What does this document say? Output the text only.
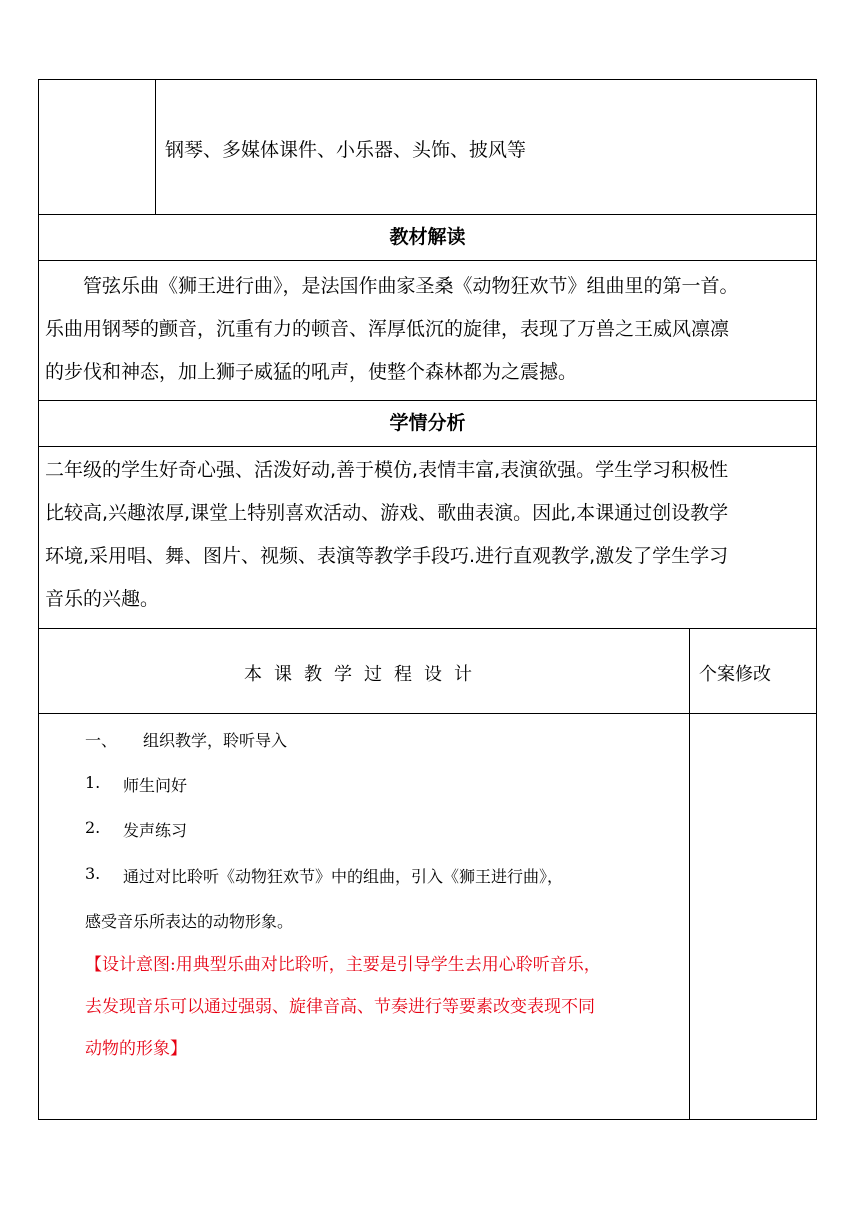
钢琴、多媒体课件、小乐器、头饰、披风等
教材解读
管弦乐曲《狮王进行曲》，是法国作曲家圣桑《动物狂欢节》组曲里的第一首。
乐曲用钢琴的颤音，沉重有力的顿音、浑厚低沉的旋律，表现了万兽之王威风凛凛
的步伐和神态，加上狮子威猛的吼声，使整个森林都为之震撼。
学情分析
二年级的学生好奇心强、活泼好动,善于模仿,表情丰富,表演欲强。学生学习积极性
比较高,兴趣浓厚,课堂上特别喜欢活动、游戏、歌曲表演。因此,本课通过创设教学
环境,采用唱、舞、图片、视频、表演等教学手段巧.进行直观教学,激发了学生学习
音乐的兴趣。
本课教学过程设计	个案修改
一、 组织教学，聆听导入
1. 师生问好
2. 发声练习
3. 通过对比聆听《动物狂欢节》中的组曲，引入《狮王进行曲》，
感受音乐所表达的动物形象。
【设计意图:用典型乐曲对比聆听，主要是引导学生去用心聆听音乐，
去发现音乐可以通过强弱、旋律音高、节奏进行等要素改变表现不同
动物的形象】
